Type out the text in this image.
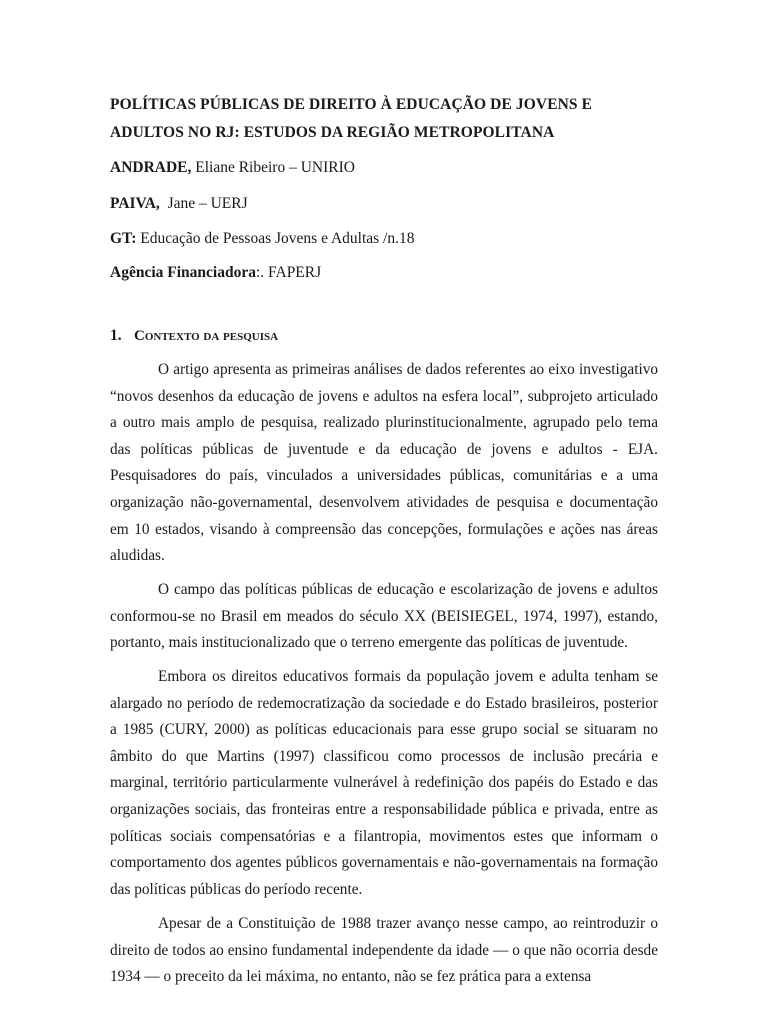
POLÍTICAS PÚBLICAS DE DIREITO À EDUCAÇÃO DE JOVENS E
ADULTOS NO RJ: ESTUDOS DA REGIÃO METROPOLITANA
ANDRADE, Eliane Ribeiro – UNIRIO
PAIVA,  Jane – UERJ
GT: Educação de Pessoas Jovens e Adultas /n.18
Agência Financiadora:. FAPERJ
1. Contexto da pesquisa

O artigo apresenta as primeiras análises de dados referentes ao eixo investigativo “novos desenhos da educação de jovens e adultos na esfera local”, subprojeto articulado a outro mais amplo de pesquisa, realizado plurinstitucionalmente, agrupado pelo tema das políticas públicas de juventude e da educação de jovens e adultos - EJA. Pesquisadores do país, vinculados a universidades públicas, comunitárias e a uma organização não-governamental, desenvolvem atividades de pesquisa e documentação em 10 estados, visando à compreensão das concepções, formulações e ações nas áreas aludidas.

O campo das políticas públicas de educação e escolarização de jovens e adultos conformou-se no Brasil em meados do século XX (BEISIEGEL, 1974, 1997), estando, portanto, mais institucionalizado que o terreno emergente das políticas de juventude.

Embora os direitos educativos formais da população jovem e adulta tenham se alargado no período de redemocratização da sociedade e do Estado brasileiros, posterior a 1985 (CURY, 2000) as políticas educacionais para esse grupo social se situaram no âmbito do que Martins (1997) classificou como processos de inclusão precária e marginal, território particularmente vulnerável à redefinição dos papéis do Estado e das organizações sociais, das fronteiras entre a responsabilidade pública e privada, entre as políticas sociais compensatórias e a filantropia, movimentos estes que informam o comportamento dos agentes públicos governamentais e não-governamentais na formação das políticas públicas do período recente.

Apesar de a Constituição de 1988 trazer avanço nesse campo, ao reintroduzir o direito de todos ao ensino fundamental independente da idade — o que não ocorria desde 1934 — o preceito da lei máxima, no entanto, não se fez prática para a extensa
